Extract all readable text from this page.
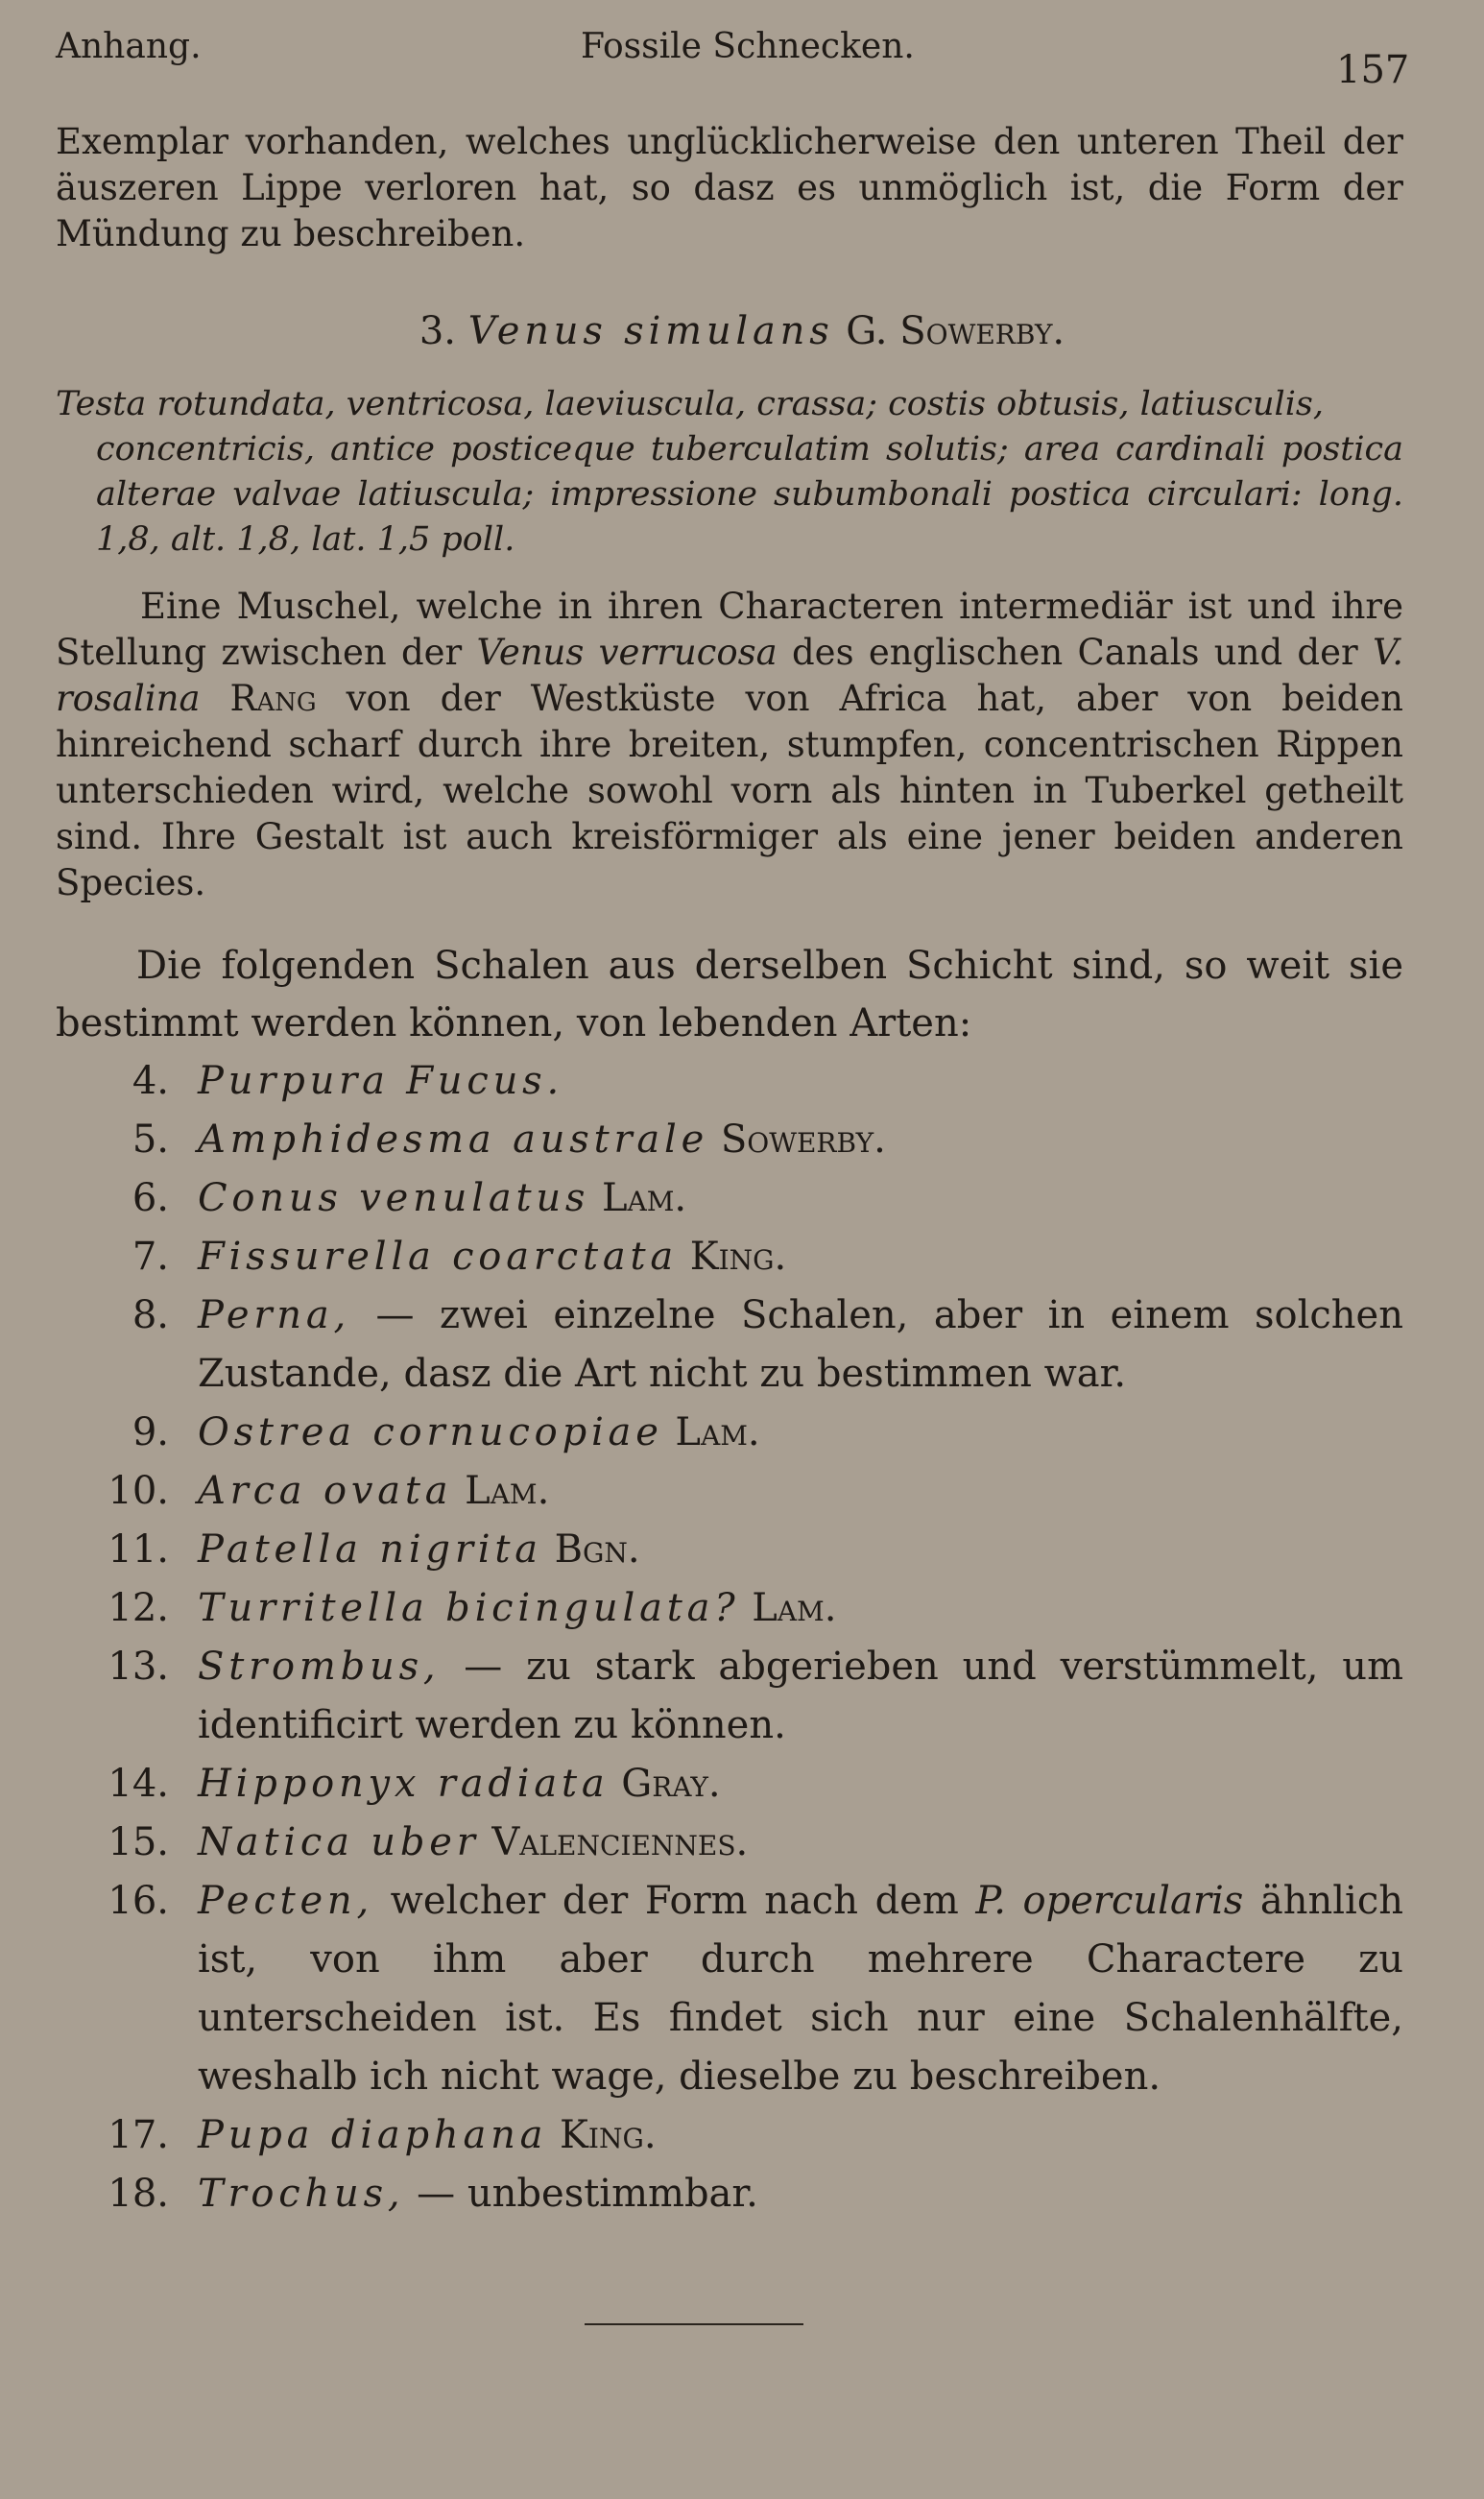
Anhang.	Fossile Schnecken.
157
Exemplar vorhanden, welches unglücklicherweise den unteren Theil der äuszeren Lippe verloren hat, so dasz es unmöglich ist, die Form der Mündung zu beschreiben.
3. Venus simulans G. Sowerby.
Testa rotundata, ventricosa, laeviuscula, crassa; costis obtusis, latiusculis,
concentricis, antice posticeque tuberculatim solutis; area cardinali postica alterae valvae latiuscula; impressione subumbonali postica circulari: long. 1,8, alt. 1,8, lat. 1,5 poll.
Eine Muschel, welche in ihren Characteren intermediär ist und ihre Stellung zwischen der Venus verrucosa des englischen Canals und der V. rosalina Rang von der Westküste von Africa hat, aber von beiden hinreichend scharf durch ihre breiten, stumpfen, concentrischen Rippen unterschieden wird, welche sowohl vorn als hinten in Tuberkel getheilt sind. Ihre Gestalt ist auch kreisförmiger als eine jener beiden anderen Species.
Die folgenden Schalen aus derselben Schicht sind, so weit sie bestimmt werden können, von lebenden Arten:
4. Purpura Fucus.
5. Amphidesma australe Sowerby.
6. Conus venulatus Lam.
7. Fissurella coarctata King.
8. Perna, — zwei einzelne Schalen, aber in einem solchen Zustande, dasz die Art nicht zu bestimmen war.
9. Ostrea cornucopiae Lam.
10. Arca ovata Lam.
11. Patella nigrita Bgn.
12. Turritella bicingulata? Lam.
13. Strombus, — zu stark abgerieben und verstümmelt, um identificirt werden zu können.
14. Hipponyx radiata Gray.
15. Natica uber Valenciennes.
16. Pecten, welcher der Form nach dem P. opercularis ähnlich ist, von ihm aber durch mehrere Charactere zu unterscheiden ist. Es findet sich nur eine Schalenhälfte, weshalb ich nicht wage, dieselbe zu beschreiben.
17. Pupa diaphana King.
18. Trochus, — unbestimmbar.
